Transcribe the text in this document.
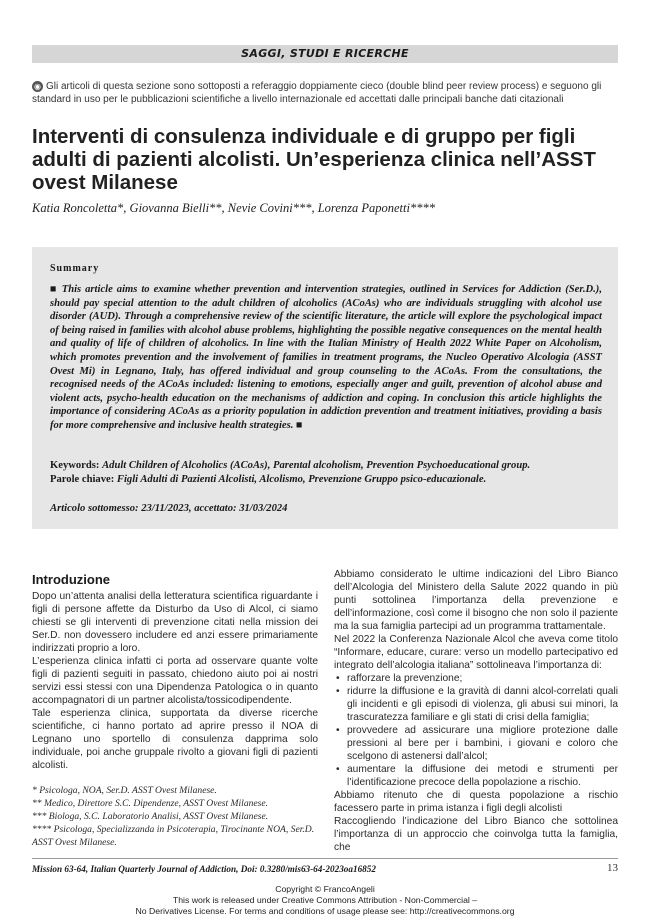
SAGGI, STUDI E RICERCHE
◉ Gli articoli di questa sezione sono sottoposti a referaggio doppiamente cieco (double blind peer review process) e seguono gli standard in uso per le pubblicazioni scientifiche a livello internazionale ed accettati dalle principali banche dati citazionali
Interventi di consulenza individuale e di gruppo per figli adulti di pazienti alcolisti. Un’esperienza clinica nell’ASST ovest Milanese
Katia Roncoletta*, Giovanna Bielli**, Nevie Covini***, Lorenza Paponetti****
Summary
■ This article aims to examine whether prevention and intervention strategies, outlined in Services for Addiction (Ser.D.), should pay special attention to the adult children of alcoholics (ACoAs) who are individuals struggling with alcohol use disorder (AUD). Through a comprehensive review of the scientific literature, the article will explore the psychological impact of being raised in families with alcohol abuse problems, highlighting the possible negative consequences on the mental health and quality of life of children of alcoholics. In line with the Italian Ministry of Health 2022 White Paper on Alcoholism, which promotes prevention and the involvement of families in treatment programs, the Nucleo Operativo Alcologia (ASST Ovest Mi) in Legnano, Italy, has offered individual and group counseling to the ACoAs. From the consultations, the recognised needs of the ACoAs included: listening to emotions, especially anger and guilt, prevention of alcohol abuse and violent acts, psycho-health education on the mechanisms of addiction and coping. In conclusion this article highlights the importance of considering ACoAs as a priority population in addiction prevention and treatment initiatives, providing a basis for more comprehensive and inclusive health strategies. ■
Keywords: Adult Children of Alcoholics (ACoAs), Parental alcoholism, Prevention Psychoeducational group.
Parole chiave: Figli Adulti di Pazienti Alcolisti, Alcolismo, Prevenzione Gruppo psico-educazionale.
Articolo sottomesso: 23/11/2023, accettato: 31/03/2024
Introduzione

Dopo un’attenta analisi della letteratura scientifica riguardante i figli di persone affette da Disturbo da Uso di Alcol, ci siamo chiesti se gli interventi di prevenzione citati nella mission dei Ser.D. non dovessero includere ed anzi essere primariamente indirizzati proprio a loro.

L’esperienza clinica infatti ci porta ad osservare quante volte figli di pazienti seguiti in passato, chiedono aiuto poi ai nostri servizi essi stessi con una Dipendenza Patologica o in quanto accompagnatori di un partner alcolista/tossicodipendente.

Tale esperienza clinica, supportata da diverse ricerche scientifiche, ci hanno portato ad aprire presso il NOA di Legnano uno sportello di consulenza dapprima solo individuale, poi anche gruppale rivolto a giovani figli di pazienti alcolisti.

* Psicologa, NOA, Ser.D. ASST Ovest Milanese.
** Medico, Direttore S.C. Dipendenze, ASST Ovest Milanese.
*** Biologa, S.C. Laboratorio Analisi, ASST Ovest Milanese.
**** Psicologa, Specializzanda in Psicoterapia, Tirocinante NOA, Ser.D. ASST Ovest Milanese.

Abbiamo considerato le ultime indicazioni del Libro Bianco dell’Alcologia del Ministero della Salute 2022 quando in più punti sottolinea l’importanza della prevenzione e dell’informazione, così come il bisogno che non solo il paziente ma la sua famiglia partecipi ad un programma trattamentale.

Nel 2022 la Conferenza Nazionale Alcol che aveva come titolo “Informare, educare, curare: verso un modello partecipativo ed integrato dell’alcologia italiana” sottolineava l’importanza di:

• rafforzare la prevenzione;
• ridurre la diffusione e la gravità di danni alcol-correlati quali gli incidenti e gli episodi di violenza, gli abusi sui minori, la trascuratezza familiare e gli stati di crisi della famiglia;
• provvedere ad assicurare una migliore protezione dalle pressioni al bere per i bambini, i giovani e coloro che scelgono di astenersi dall’alcol;
• aumentare la diffusione dei metodi e strumenti per l’identificazione precoce della popolazione a rischio.

Abbiamo ritenuto che di questa popolazione a rischio facessero parte in prima istanza i figli degli alcolisti

Raccogliendo l’indicazione del Libro Bianco che sottolinea l’importanza di un approccio che coinvolga tutta la famiglia, che

Mission 63-64, Italian Quarterly Journal of Addiction, Doi: 0.3280/mis63-64-2023oa16852	13
Copyright © FrancoAngeli
This work is released under Creative Commons Attribution - Non-Commercial –
No Derivatives License. For terms and conditions of usage please see: http://creativecommons.org
